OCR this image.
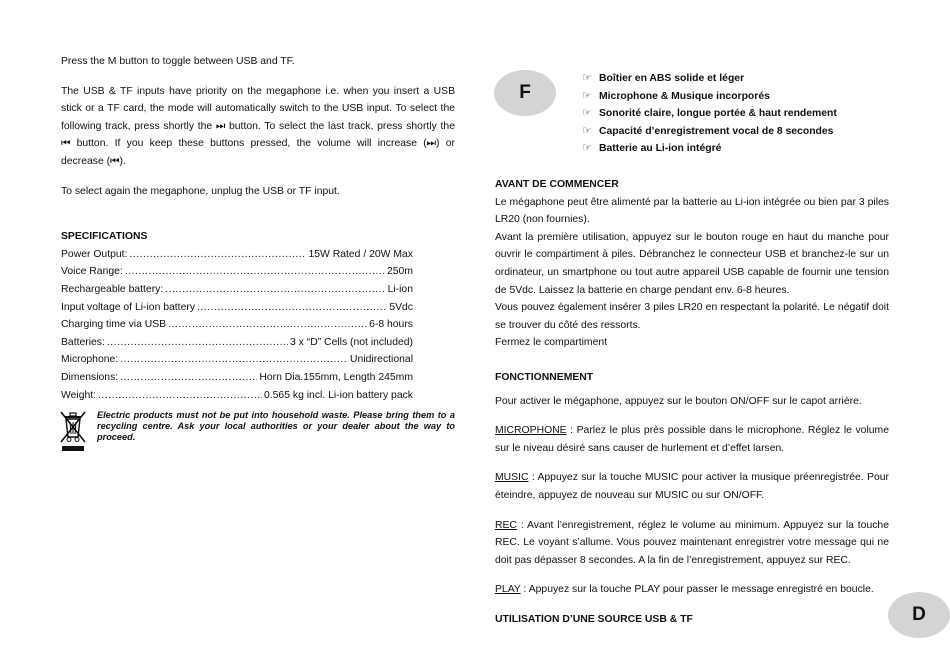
Press the M button to toggle between USB and TF.

The USB & TF inputs have priority on the megaphone i.e. when you insert a USB stick or a TF card, the mode will automatically switch to the USB input. To select the following track, press shortly the ⏭ button. To select the last track, press shortly the ⏮ button. If you keep these buttons pressed, the volume will increase (⏭) or decrease (⏮).

To select again the megaphone, unplug the USB or TF input.

SPECIFICATIONS

Power Output: .....	15W Rated / 20W Max
Voice Range: .....	250m
Rechargeable battery: .....	Li-ion
Input voltage of Li-ion battery .....	5Vdc
Charging time via USB .....	6-8 hours
Batteries: .....	3 x “D” Cells (not included)
Microphone: .....	Unidirectional
Dimensions: .....	Horn Dia.155mm, Length 245mm
Weight: .....	0.565 kg incl. Li-ion battery pack

Electric products must not be put into household waste. Please bring them to a recycling centre. Ask your local authorities or your dealer about the way to proceed.

F
☞ Boîtier en ABS solide et léger
☞ Microphone & Musique incorporés
☞ Sonorité claire, longue portée & haut rendement
☞ Capacité d’enregistrement vocal de 8 secondes
☞ Batterie au Li-ion intégré

AVANT DE COMMENCER

Le mégaphone peut être alimenté par la batterie au Li-ion intégrée ou bien par 3 piles LR20 (non fournies).

Avant la première utilisation, appuyez sur le bouton rouge en haut du manche pour ouvrir le compartiment à piles. Débranchez le connecteur USB et branchez-le sur un ordinateur, un smartphone ou tout autre appareil USB capable de fournir une tension de 5Vdc. Laissez la batterie en charge pendant env. 6-8 heures.

Vous pouvez également insérer 3 piles LR20 en respectant la polarité. Le négatif doit se trouver du côté des ressorts.

Fermez le compartiment

FONCTIONNEMENT

Pour activer le mégaphone, appuyez sur le bouton ON/OFF sur le capot arrière.

MICROPHONE : Parlez le plus près possible dans le microphone. Réglez le volume sur le niveau désiré sans causer de hurlement et d’effet larsen.

MUSIC : Appuyez sur la touche MUSIC pour activer la musique préenregistrée. Pour éteindre, appuyez de nouveau sur MUSIC ou sur ON/OFF.

REC : Avant l’enregistrement, réglez le volume au minimum. Appuyez sur la touche REC. Le voyant s’allume. Vous pouvez maintenant enregistrer votre message qui ne doit pas dépasser 8 secondes. A la fin de l’enregistrement, appuyez sur REC.

PLAY : Appuyez sur la touche PLAY pour passer le message enregistré en boucle.

UTILISATION D’UNE SOURCE USB & TF	D
